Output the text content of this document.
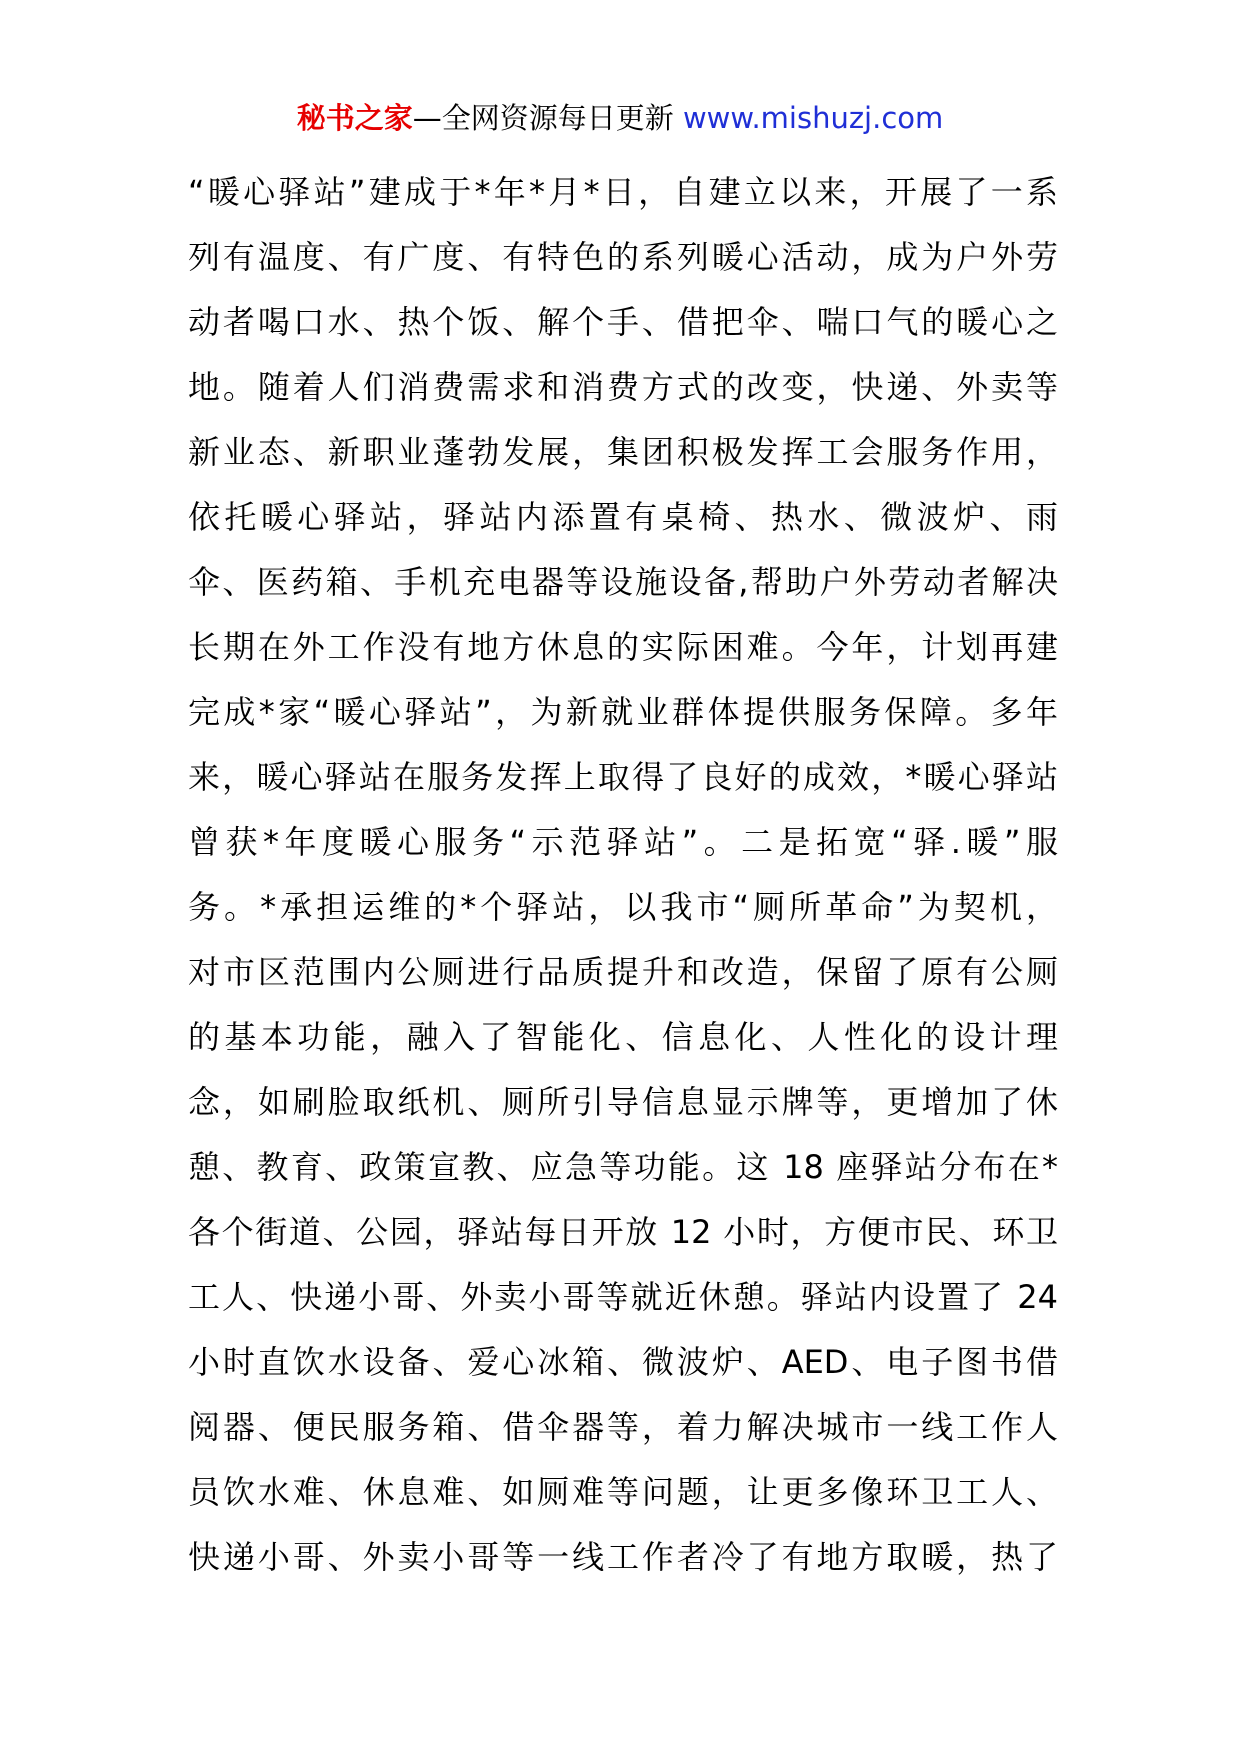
秘书之家—全网资源每日更新 www.mishuzj.com
“暖心驿站”建成于*年*月*日，自建立以来，开展了一系
列有温度、有广度、有特色的系列暖心活动，成为户外劳
动者喝口水、热个饭、解个手、借把伞、喘口气的暖心之
地。随着人们消费需求和消费方式的改变，快递、外卖等
新业态、新职业蓬勃发展，集团积极发挥工会服务作用，
依托暖心驿站，驿站内添置有桌椅、热水、微波炉、雨
伞、医药箱、手机充电器等设施设备,帮助户外劳动者解决
长期在外工作没有地方休息的实际困难。今年，计划再建
完成*家“暖心驿站”，为新就业群体提供服务保障。多年
来，暖心驿站在服务发挥上取得了良好的成效，*暖心驿站
曾获*年度暖心服务“示范驿站”。二是拓宽“驿.暖”服
务。*承担运维的*个驿站，以我市“厕所革命”为契机，
对市区范围内公厕进行品质提升和改造，保留了原有公厕
的基本功能，融入了智能化、信息化、人性化的设计理
念，如刷脸取纸机、厕所引导信息显示牌等，更增加了休
憩、教育、政策宣教、应急等功能。这 18 座驿站分布在*
各个街道、公园，驿站每日开放 12 小时，方便市民、环卫
工人、快递小哥、外卖小哥等就近休憩。驿站内设置了 24
小时直饮水设备、爱心冰箱、微波炉、AED、电子图书借
阅器、便民服务箱、借伞器等，着力解决城市一线工作人
员饮水难、休息难、如厕难等问题，让更多像环卫工人、
快递小哥、外卖小哥等一线工作者冷了有地方取暖，热了
